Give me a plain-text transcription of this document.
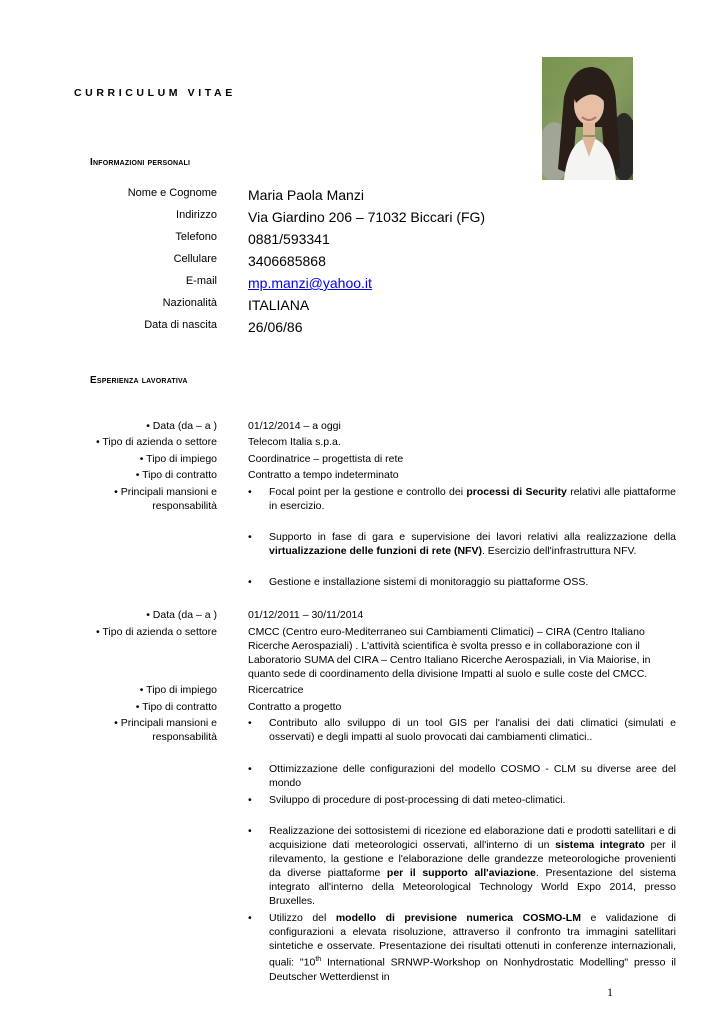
CURRICULUM VITAE
Informazioni personali
Nome e Cognome Maria Paola Manzi
Indirizzo Via Giardino 206 – 71032 Biccari (FG)
Telefono 0881/593341
Cellulare 3406685868
E-mail mp.manzi@yahoo.it
Nazionalità ITALIANA
Data di nascita 26/06/86
Esperienza lavorativa
• Data (da – a )	01/12/2014 – a oggi
• Tipo di azienda o settore	Telecom Italia s.p.a.
• Tipo di impiego	Coordinatrice – progettista di rete
• Tipo di contratto	Contratto a tempo indeterminato
• Principali mansioni e
responsabilità
• Focal point per la gestione e controllo dei processi di Security relativi alle piattaforme in esercizio.
• Supporto in fase di gara e supervisione dei lavori relativi alla realizzazione della virtualizzazione delle funzioni di rete (NFV). Esercizio dell'infrastruttura NFV.
• Gestione e installazione sistemi di monitoraggio su piattaforme OSS.
• Data (da – a )	01/12/2011 – 30/11/2014
• Tipo di azienda o settore	CMCC (Centro euro-Mediterraneo sui Cambiamenti Climatici) – CIRA (Centro Italiano Ricerche Aerospaziali) . L'attività scientifica è svolta presso e in collaborazione con il Laboratorio SUMA del CIRA – Centro Italiano Ricerche Aerospaziali, in Via Maiorise, in quanto sede di coordinamento della divisione Impatti al suolo e sulle coste del CMCC.
• Tipo di impiego	Ricercatrice
• Tipo di contratto	Contratto a progetto
• Principali mansioni e
responsabilità
• Contributo allo sviluppo di un tool GIS per l'analisi dei dati climatici (simulati e osservati) e degli impatti al suolo provocati dai cambiamenti climatici..
• Ottimizzazione delle configurazioni del modello COSMO - CLM su diverse aree del mondo
• Sviluppo di procedure di post-processing di dati meteo-climatici.
• Realizzazione dei sottosistemi di ricezione ed elaborazione dati e prodotti satellitari e di acquisizione dati meteorologici osservati, all'interno di un sistema integrato per il rilevamento, la gestione e l'elaborazione delle grandezze meteorologiche provenienti da diverse piattaforme per il supporto all'aviazione. Presentazione del sistema integrato all'interno della Meteorological Technology World Expo 2014, presso Bruxelles.
• Utilizzo del modello di previsione numerica COSMO-LM e validazione di configurazioni a elevata risoluzione, attraverso il confronto tra immagini satellitari sintetiche e osservate. Presentazione dei risultati ottenuti in conferenze internazionali, quali: "10th International SRNWP-Workshop on Nonhydrostatic Modelling" presso il Deutscher Wetterdienst in
1
